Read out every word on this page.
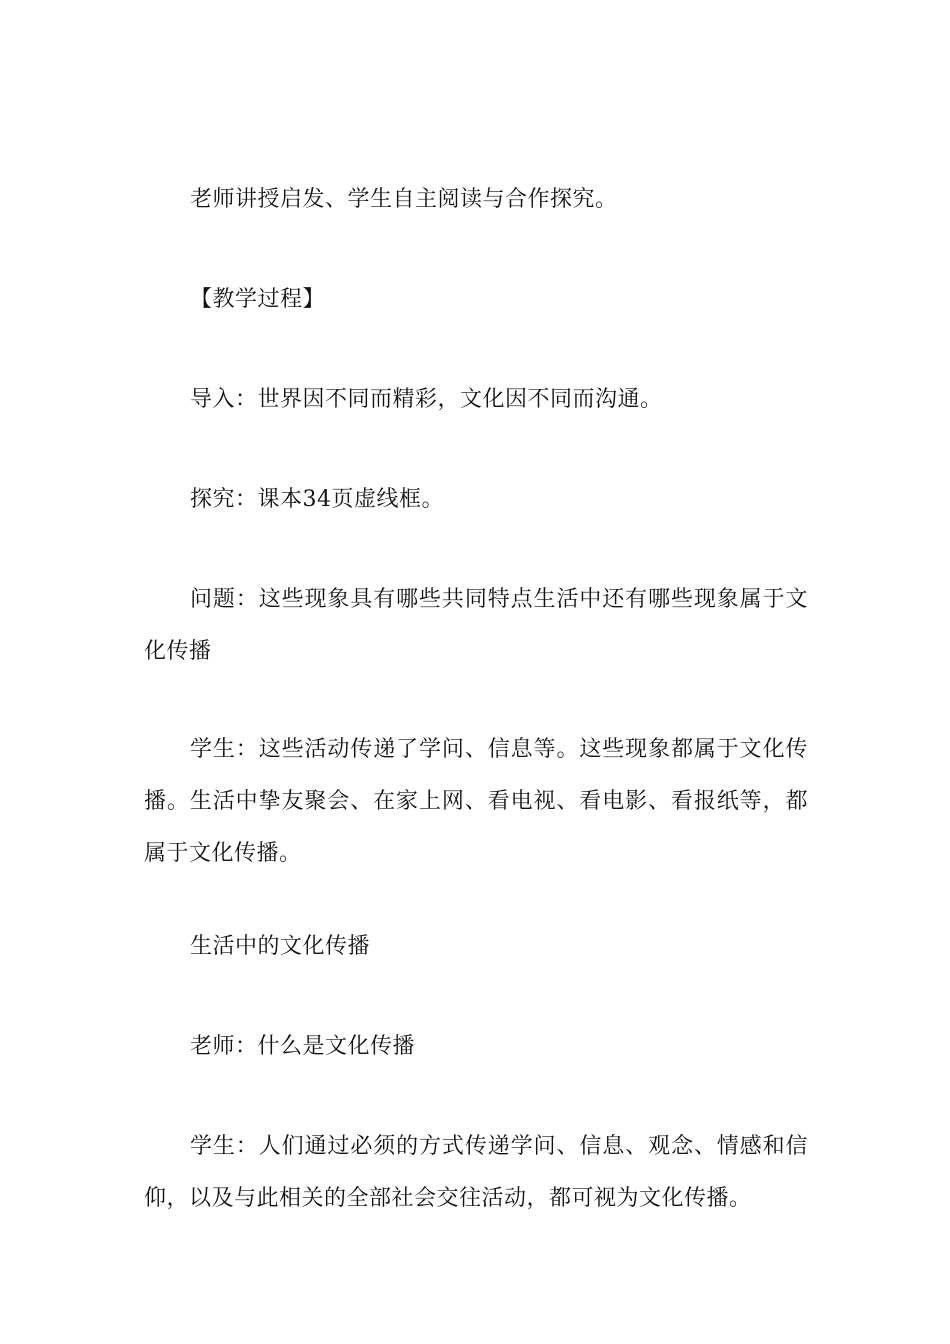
老师讲授启发、学生自主阅读与合作探究。

【教学过程】

导入：世界因不同而精彩，文化因不同而沟通。

探究：课本34页虚线框。

问题：这些现象具有哪些共同特点生活中还有哪些现象属于文化传播

学生：这些活动传递了学问、信息等。这些现象都属于文化传播。生活中挚友聚会、在家上网、看电视、看电影、看报纸等，都属于文化传播。

生活中的文化传播

老师：什么是文化传播

学生：人们通过必须的方式传递学问、信息、观念、情感和信仰，以及与此相关的全部社会交往活动，都可视为文化传播。
